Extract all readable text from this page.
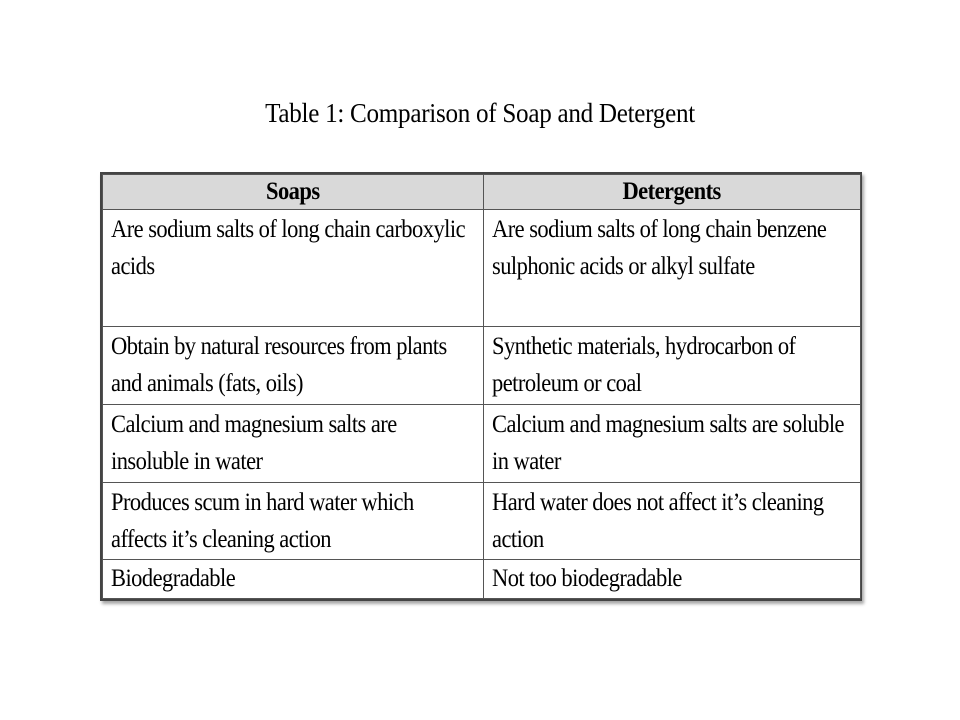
Table 1: Comparison of Soap and Detergent
Soaps	Detergents

Are sodium salts of long chain carboxylic acids	Are sodium salts of long chain benzene sulphonic acids or alkyl sulfate

Obtain by natural resources from plants and animals (fats, oils)	Synthetic materials, hydrocarbon of petroleum or coal

Calcium and magnesium salts are insoluble in water	Calcium and magnesium salts are soluble in water

Produces scum in hard water which affects it’s cleaning action	Hard water does not affect it’s cleaning action

Biodegradable	Not too biodegradable
